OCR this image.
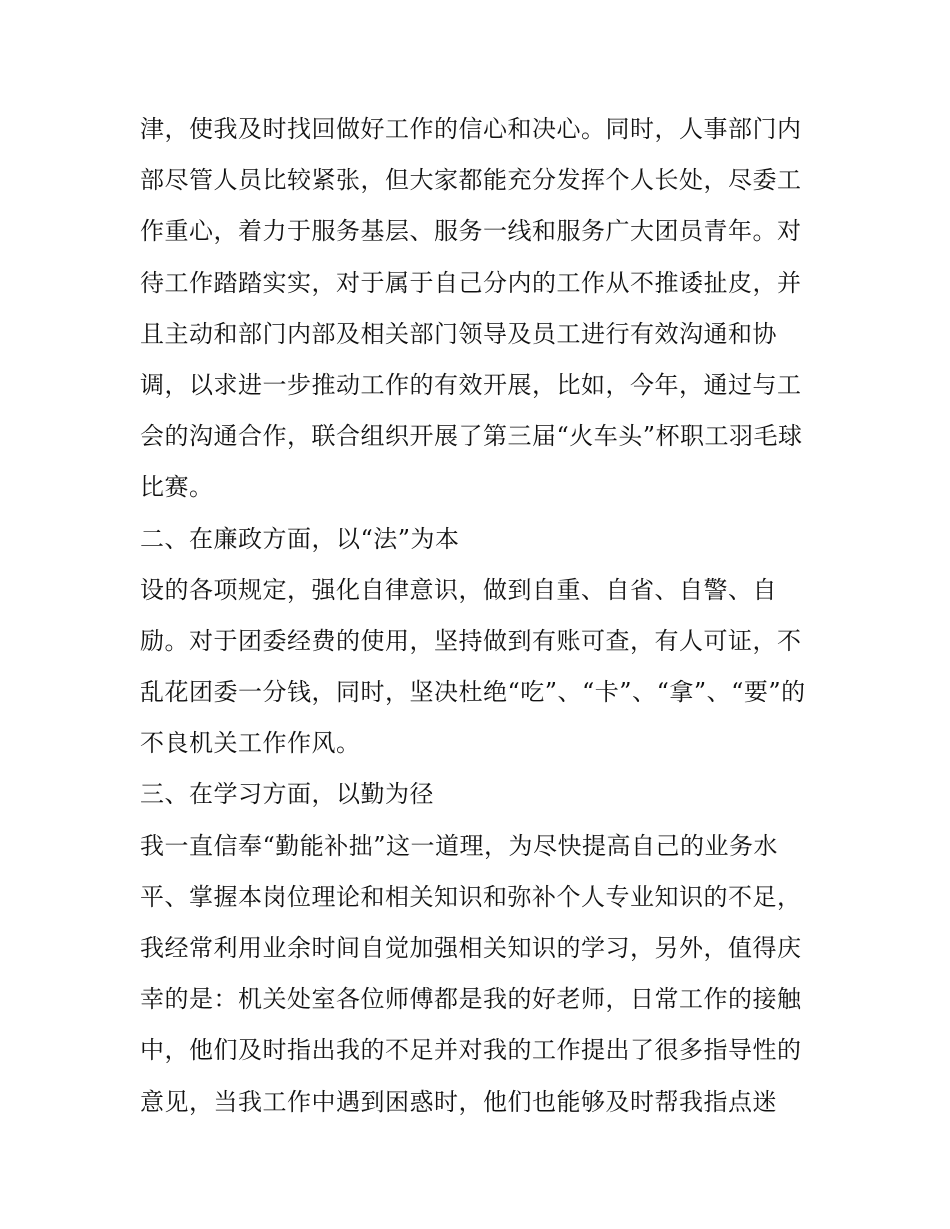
津，使我及时找回做好工作的信心和决心。同时，人事部门内
部尽管人员比较紧张，但大家都能充分发挥个人长处，尽委工
作重心，着力于服务基层、服务一线和服务广大团员青年。对
待工作踏踏实实，对于属于自己分内的工作从不推诿扯皮，并
且主动和部门内部及相关部门领导及员工进行有效沟通和协
调，以求进一步推动工作的有效开展，比如，今年，通过与工
会的沟通合作，联合组织开展了第三届“火车头”杯职工羽毛球
比赛。
二、在廉政方面，以“法”为本
设的各项规定，强化自律意识，做到自重、自省、自警、自
励。对于团委经费的使用，坚持做到有账可查，有人可证，不
乱花团委一分钱，同时，坚决杜绝“吃”、“卡”、“拿”、“要”的
不良机关工作作风。
三、在学习方面，以勤为径
我一直信奉“勤能补拙”这一道理，为尽快提高自己的业务水
平、掌握本岗位理论和相关知识和弥补个人专业知识的不足，
我经常利用业余时间自觉加强相关知识的学习，另外，值得庆
幸的是：机关处室各位师傅都是我的好老师，日常工作的接触
中，他们及时指出我的不足并对我的工作提出了很多指导性的
意见，当我工作中遇到困惑时，他们也能够及时帮我指点迷
